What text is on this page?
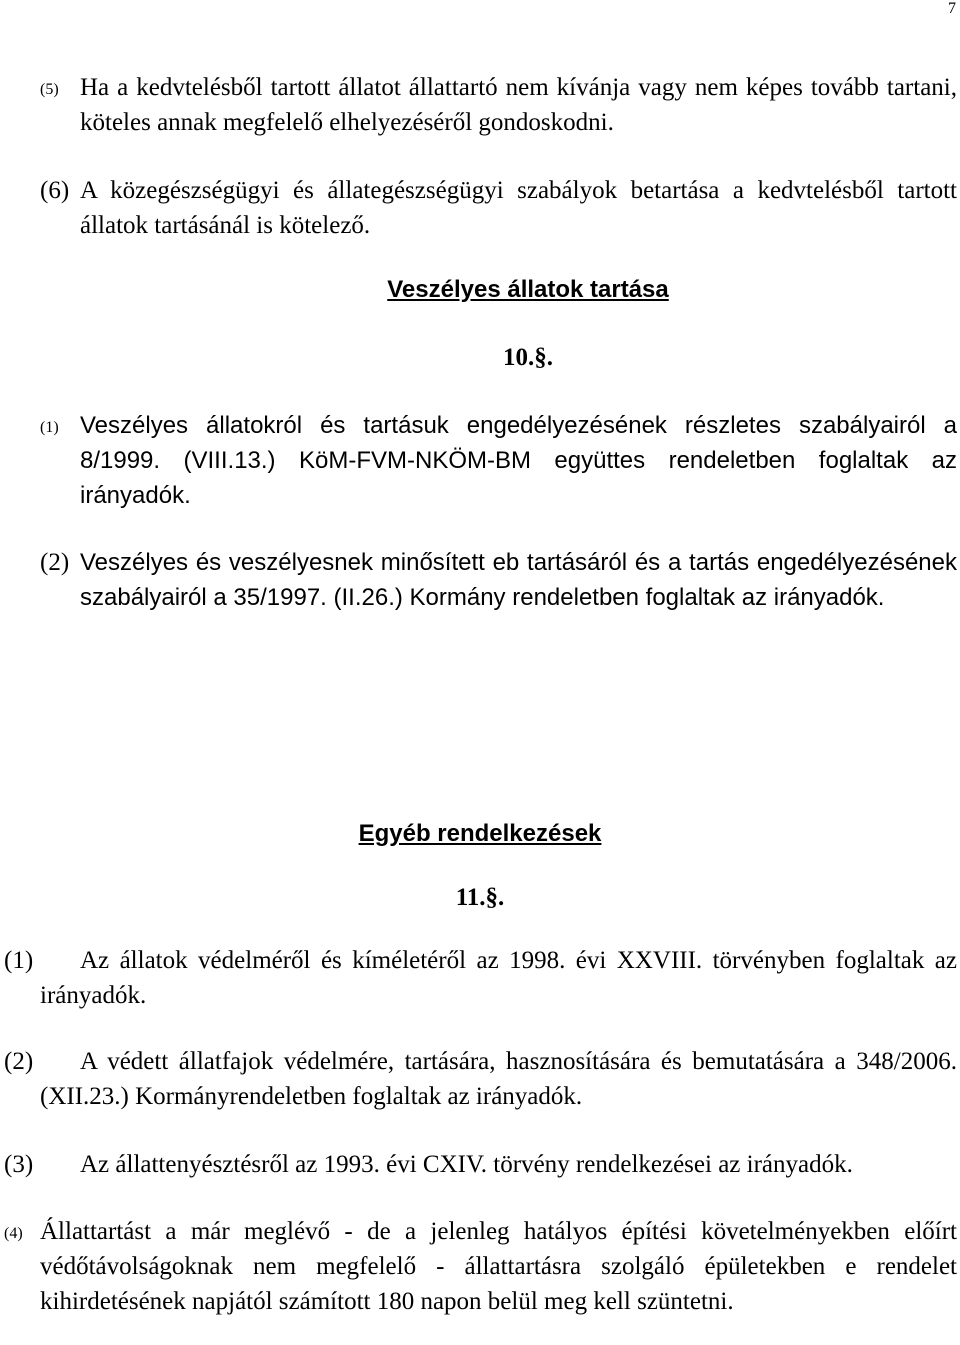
7
(5) Ha a kedvtelésből tartott állatot állattartó nem kívánja vagy nem képes tovább tartani, köteles annak megfelelő elhelyezéséről gondoskodni.
(6) A közegészségügyi és állategészségügyi szabályok betartása a kedvtelésből tartott állatok tartásánál is kötelező.
Veszélyes állatok tartása
10.§.
(1) Veszélyes állatokról és tartásuk engedélyezésének részletes szabályairól a 8/1999. (VIII.13.) KöM-FVM-NKÖM-BM együttes rendeletben foglaltak az irányadók.
(2) Veszélyes és veszélyesnek minősített eb tartásáról és a tartás engedélyezésének szabályairól a 35/1997. (II.26.) Kormány rendeletben foglaltak az irányadók.
Egyéb rendelkezések
11.§.
(1)	Az állatok védelméről és kíméletéről az 1998. évi XXVIII. törvényben foglaltak az irányadók.
(2)	A védett állatfajok védelmére, tartására, hasznosítására és bemutatására a 348/2006. (XII.23.) Kormányrendeletben foglaltak az irányadók.
(3)	Az állattenyésztésről az 1993. évi CXIV. törvény rendelkezései az irányadók.
(4) Állattartást a már meglévő - de a jelenleg hatályos építési követelményekben előírt védőtávolságoknak nem megfelelő - állattartásra szolgáló épületekben e rendelet kihirdetésének napjától számított 180 napon belül meg kell szüntetni.
